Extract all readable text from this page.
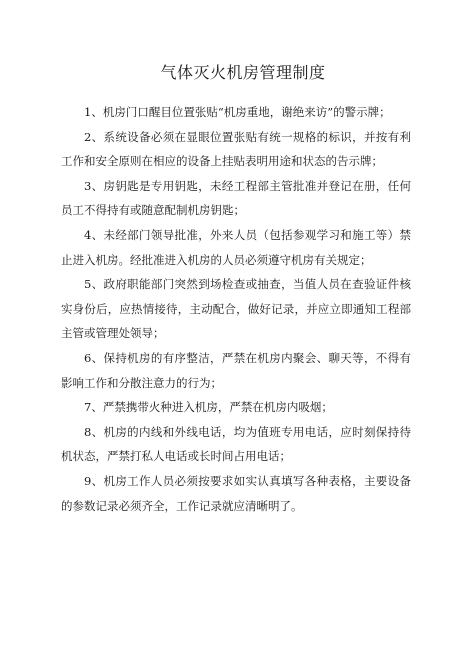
气体灭火机房管理制度
1、机房门口醒目位置张贴“机房重地，谢绝来访”的警示牌；
2、系统设备必须在显眼位置张贴有统一规格的标识，并按有利工作和安全原则在相应的设备上挂贴表明用途和状态的告示牌；
3、房钥匙是专用钥匙，未经工程部主管批准并登记在册，任何员工不得持有或随意配制机房钥匙；
4、未经部门领导批准，外来人员（包括参观学习和施工等）禁止进入机房。经批准进入机房的人员必须遵守机房有关规定；
5、政府职能部门突然到场检查或抽查，当值人员在查验证件核实身份后，应热情接待，主动配合，做好记录，并应立即通知工程部主管或管理处领导；
6、保持机房的有序整洁，严禁在机房内聚会、聊天等，不得有影响工作和分散注意力的行为；
7、严禁携带火种进入机房，严禁在机房内吸烟；
8、机房的内线和外线电话，均为值班专用电话，应时刻保持待机状态，严禁打私人电话或长时间占用电话；
9、机房工作人员必须按要求如实认真填写各种表格，主要设备的参数记录必须齐全，工作记录就应清晰明了。
